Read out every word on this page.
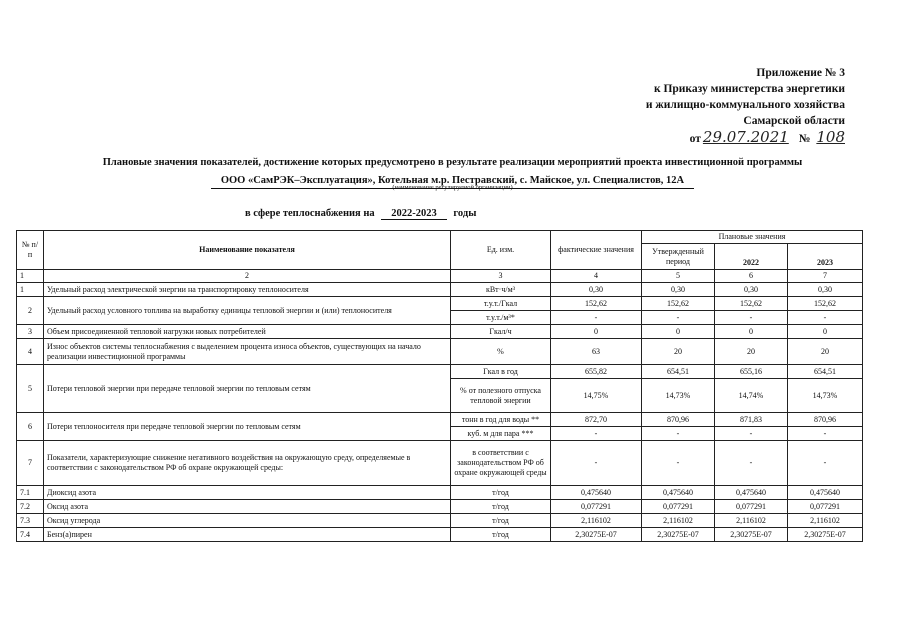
Приложение № 3
к Приказу министерства энергетики
и жилищно-коммунального хозяйства
Самарской области
от 29.07.2021 № 108
Плановые значения показателей, достижение которых предусмотрено в результате реализации мероприятий проекта инвестиционной программы
ООО «СамРЭК–Эксплуатация», Котельная м.р. Пестравский, с. Майское, ул. Специалистов, 12А
(наименование регулируемой организации)
в сфере теплоснабжения на 2022-2023 годы
№ п/п	Наименование показателя	Ед. изм.	фактические значения	Плановые значения		
				Утвержденный период		
					2022	2023
1	2	3	4	5	6	7
1	Удельный расход электрической энергии на транспортировку теплоносителя	кВт·ч/м³	0,30	0,30	0,30	0,30
2	Удельный расход условного топлива на выработку единицы тепловой энергии и (или) теплоносителя	т.у.т./Гкал	152,62	152,62	152,62	152,62
		т.у.т./м³*	-	-	-	-
3	Объем присоединенной тепловой нагрузки новых потребителей	Гкал/ч	0	0	0	0
4	Износ объектов системы теплоснабжения с выделением процента износа объектов, существующих на начало реализации инвестиционной программы	%	63	20	20	20
5	Потери тепловой энергии при передаче тепловой энергии по тепловым сетям	Гкал в год	655,82	654,51	655,16	654,51
		% от полезного отпуска тепловой энергии	14,75%	14,73%	14,74%	14,73%
6	Потери теплоносителя при передаче тепловой энергии по тепловым сетям	тонн в год для воды **	872,70	870,96	871,83	870,96
		куб. м для пара ***	-	-	-	-
7	Показатели, характеризующие снижение негативного воздействия на окружающую среду, определяемые в соответствии с законодательством РФ об охране окружающей среды:	в соответствии с законодательством РФ об охране окружающей среды	-	-	-	-
7.1	Диоксид азота	т/год	0,475640	0,475640	0,475640	0,475640
7.2	Оксид азота	т/год	0,077291	0,077291	0,077291	0,077291
7.3	Оксид углерода	т/год	2,116102	2,116102	2,116102	2,116102
7.4	Бенз(а)пирен	т/год	2,30275E-07	2,30275E-07	2,30275E-07	2,30275E-07
